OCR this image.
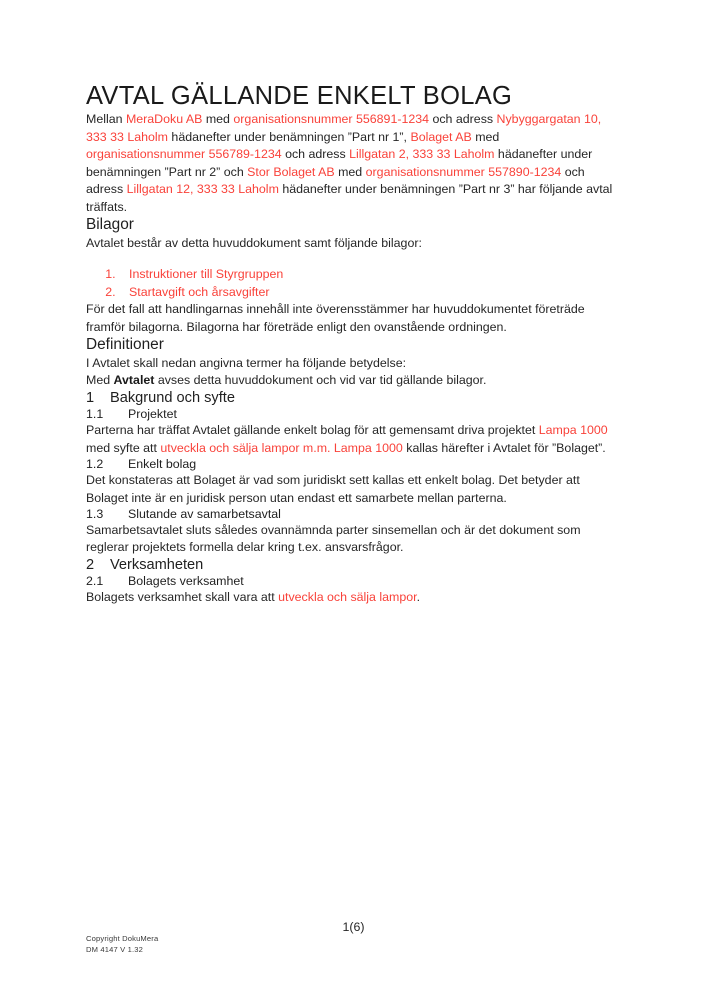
AVTAL GÄLLANDE ENKELT BOLAG

Mellan MeraDoku AB med organisationsnummer 556891-1234 och adress Nybyggargatan 10, 333 33 Laholm hädanefter under benämningen ”Part nr 1”, Bolaget AB med organisationsnummer 556789-1234 och adress Lillgatan 2, 333 33 Laholm hädanefter under benämningen ”Part nr 2” och Stor Bolaget AB med organisationsnummer 557890-1234 och adress Lillgatan 12, 333 33 Laholm hädanefter under benämningen ”Part nr 3” har följande avtal träffats.

Bilagor

Avtalet består av detta huvuddokument samt följande bilagor:

1. Instruktioner till Styrgruppen
2. Startavgift och årsavgifter

För det fall att handlingarnas innehåll inte överensstämmer har huvuddokumentet företräde framför bilagorna. Bilagorna har företräde enligt den ovanstående ordningen.

Definitioner

I Avtalet skall nedan angivna termer ha följande betydelse:

Med Avtalet avses detta huvuddokument och vid var tid gällande bilagor.

1	Bakgrund och syfte
1.1	Projektet

Parterna har träffat Avtalet gällande enkelt bolag för att gemensamt driva projektet Lampa 1000 med syfte att utveckla och sälja lampor m.m. Lampa 1000 kallas härefter i Avtalet för ”Bolaget”.

1.2	Enkelt bolag

Det konstateras att Bolaget är vad som juridiskt sett kallas ett enkelt bolag. Det betyder att Bolaget inte är en juridisk person utan endast ett samarbete mellan parterna.

1.3	Slutande av samarbetsavtal

Samarbetsavtalet sluts således ovannämnda parter sinsemellan och är det dokument som reglerar projektets formella delar kring t.ex. ansvarsfrågor.

2	Verksamheten
2.1	Bolagets verksamhet

Bolagets verksamhet skall vara att utveckla och sälja lampor.

1(6)
Copyright DokuMera
DM 4147 V 1.32
